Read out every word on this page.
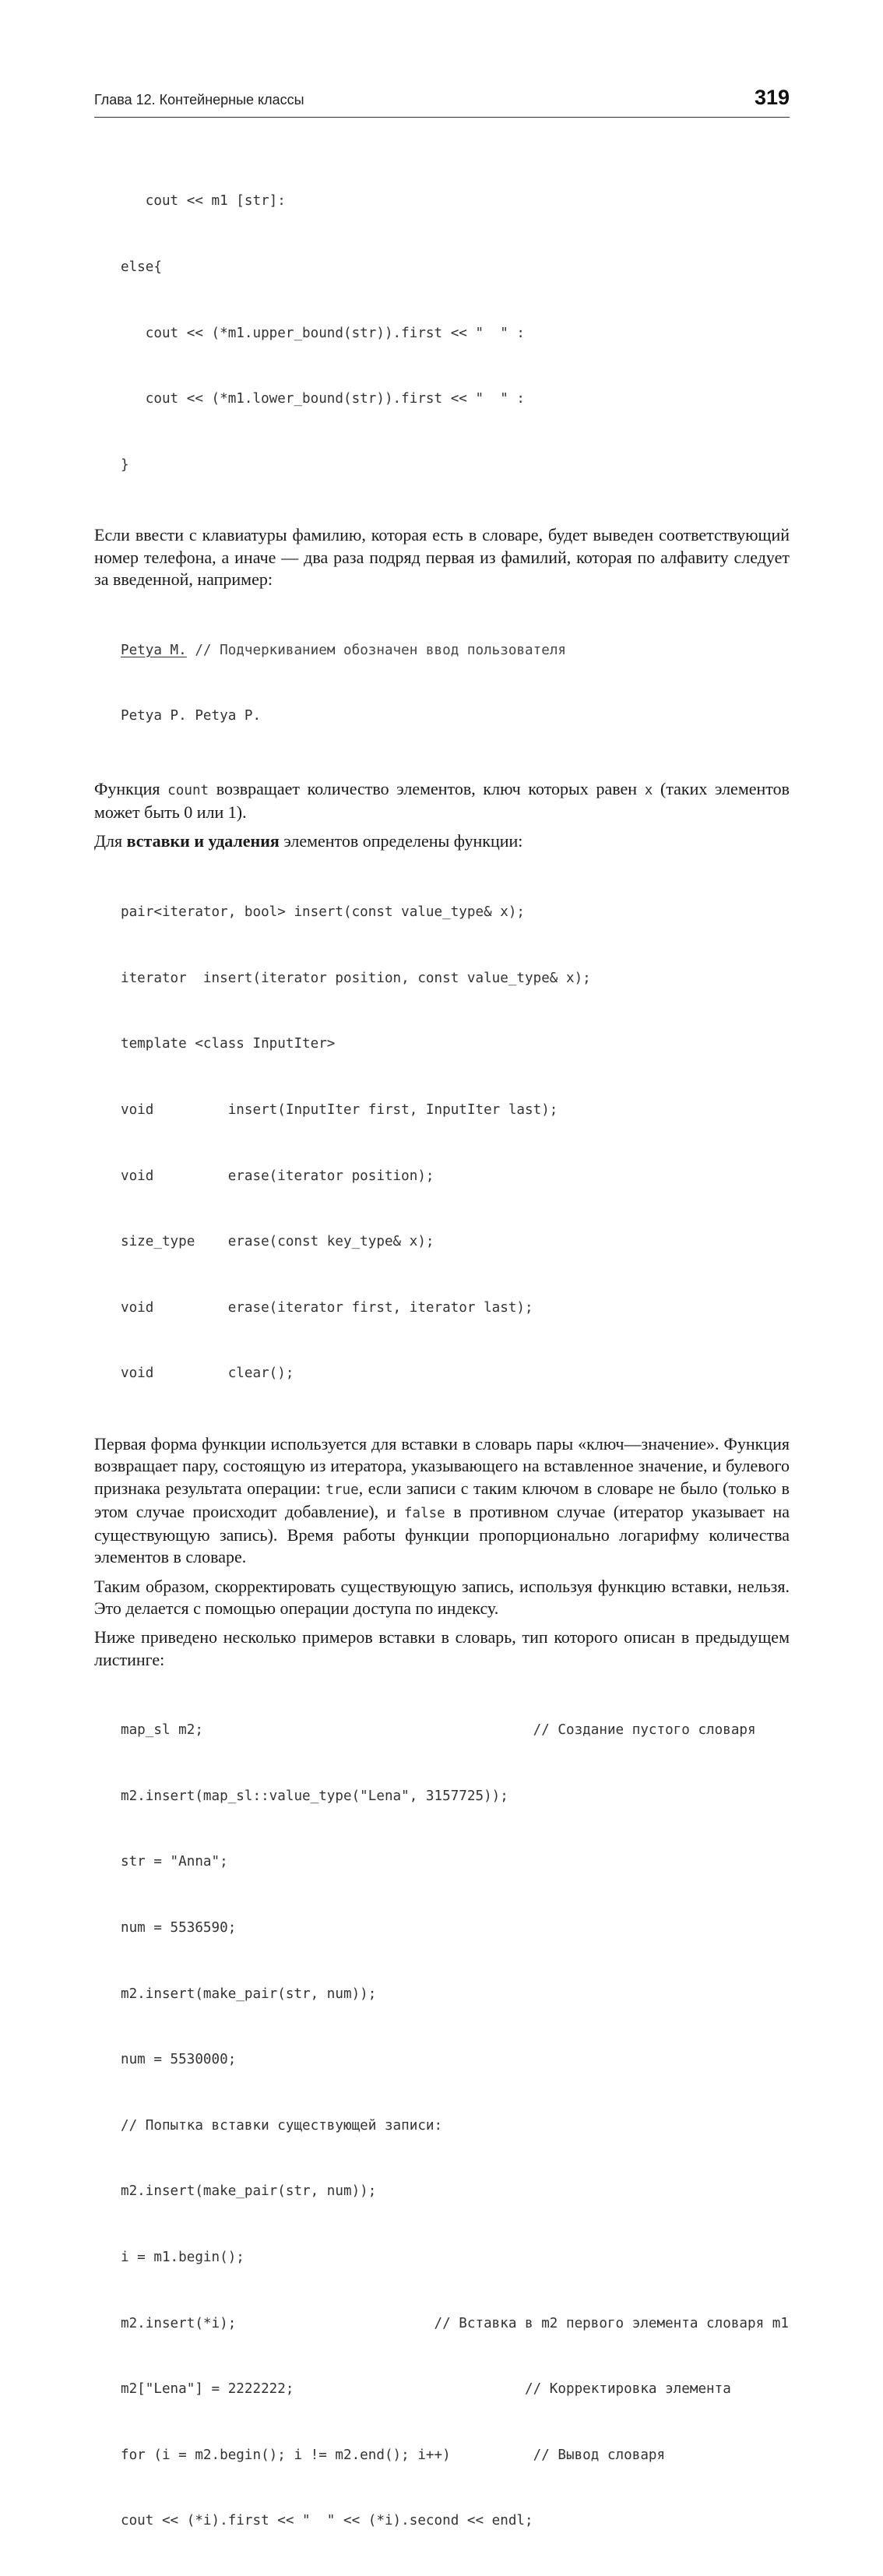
Глава 12. Контейнерные классы	319

cout << m1 [str]:

else{

cout << (*m1.upper_bound(str)).first << "  " :

cout << (*m1.lower_bound(str)).first << "  " :

}

Если ввести с клавиатуры фамилию, которая есть в словаре, будет выведен соответствующий номер телефона, а иначе — два раза подряд первая из фамилий, которая по алфавиту следует за введенной, например:

Petya M. // Подчеркиванием обозначен ввод пользователя

Petya P. Petya P.

Функция count возвращает количество элементов, ключ которых равен x (таких элементов может быть 0 или 1).

Для вставки и удаления элементов определены функции:

pair<iterator, bool> insert(const value_type& x);

iterator  insert(iterator position, const value_type& x);

template <class InputIter>

void         insert(InputIter first, InputIter last);

void         erase(iterator position);

size_type    erase(const key_type& x);

void         erase(iterator first, iterator last);

void         clear();

Первая форма функции используется для вставки в словарь пары «ключ—значение». Функция возвращает пару, состоящую из итератора, указывающего на вставленное значение, и булевого признака результата операции: true, если записи с таким ключом в словаре не было (только в этом случае происходит добавление), и false в противном случае (итератор указывает на существующую запись). Время работы функции пропорционально логарифму количества элементов в словаре.

Таким образом, скорректировать существующую запись, используя функцию вставки, нельзя. Это делается с помощью операции доступа по индексу.

Ниже приведено несколько примеров вставки в словарь, тип которого описан в предыдущем листинге:

map_sl m2;                                        // Создание пустого словаря

m2.insert(map_sl::value_type("Lena", 3157725));

str = "Anna";

num = 5536590;

m2.insert(make_pair(str, num));

num = 5530000;

// Попытка вставки существующей записи:

m2.insert(make_pair(str, num));

i = m1.begin();

m2.insert(*i);                        // Вставка в m2 первого элемента словаря m1

m2["Lena"] = 2222222;                            // Корректировка элемента

for (i = m2.begin(); i != m2.end(); i++)          // Вывод словаря

cout << (*i).first << "  " << (*i).second << endl;
